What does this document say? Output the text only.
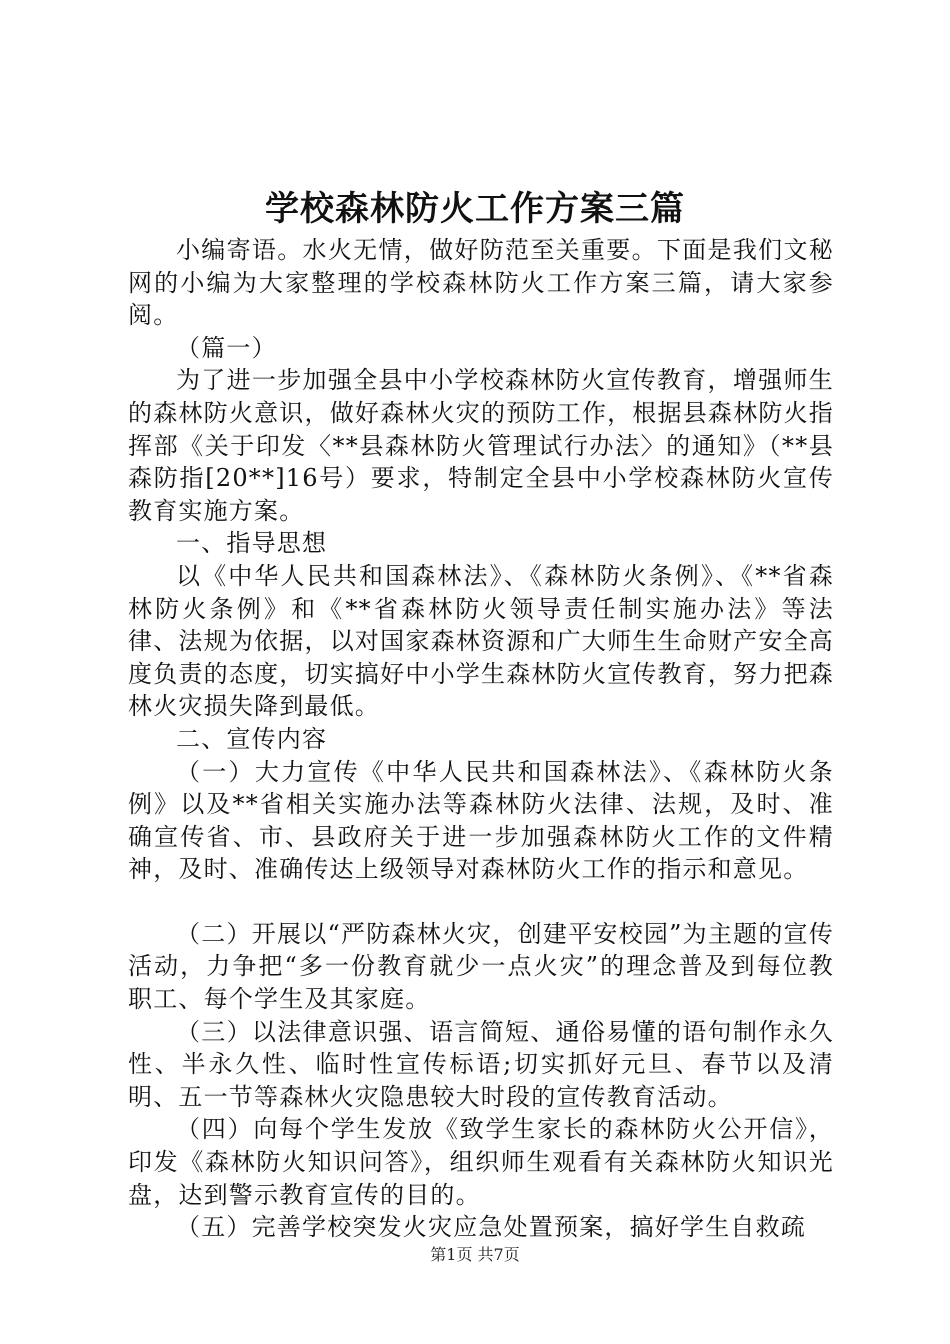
学校森林防火工作方案三篇

小编寄语。水火无情，做好防范至关重要。下面是我们文秘网的小编为大家整理的学校森林防火工作方案三篇，请大家参阅。

（篇一）

为了进一步加强全县中小学校森林防火宣传教育，增强师生的森林防火意识，做好森林火灾的预防工作，根据县森林防火指挥部《关于印发〈**县森林防火管理试行办法〉的通知》（**县森防指[20**]16号）要求，特制定全县中小学校森林防火宣传教育实施方案。

一、指导思想

以《中华人民共和国森林法》、《森林防火条例》、《**省森林防火条例》和《**省森林防火领导责任制实施办法》等法律、法规为依据，以对国家森林资源和广大师生生命财产安全高度负责的态度，切实搞好中小学生森林防火宣传教育，努力把森林火灾损失降到最低。

二、宣传内容

（一）大力宣传《中华人民共和国森林法》、《森林防火条例》以及**省相关实施办法等森林防火法律、法规，及时、准确宣传省、市、县政府关于进一步加强森林防火工作的文件精神，及时、准确传达上级领导对森林防火工作的指示和意见。

（二）开展以“严防森林火灾，创建平安校园”为主题的宣传活动，力争把“多一份教育就少一点火灾”的理念普及到每位教职工、每个学生及其家庭。

（三）以法律意识强、语言简短、通俗易懂的语句制作永久性、半永久性、临时性宣传标语;切实抓好元旦、春节以及清明、五一节等森林火灾隐患较大时段的宣传教育活动。

（四）向每个学生发放《致学生家长的森林防火公开信》，印发《森林防火知识问答》，组织师生观看有关森林防火知识光盘，达到警示教育宣传的目的。

（五）完善学校突发火灾应急处置预案，搞好学生自救疏

第1页 共7页
